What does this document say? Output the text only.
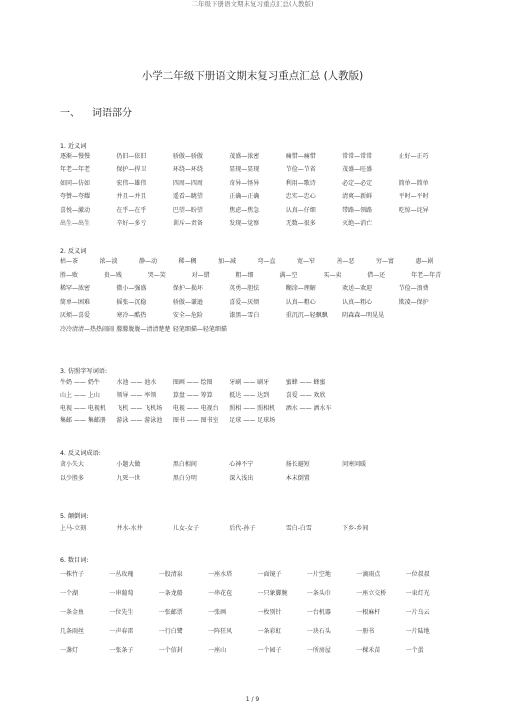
二年级下册语文期末复习重点汇总(人教版)
小学二年级下册语文期末复习重点汇总 (人教版)
一、 词语部分
1. 近义词
逐渐—慢慢	仍旧—依旧	骄傲—骄傲	茂盛—浓密	痛惜—痛惜	常常—常常	止好—正巧
年老—年老	保护—捍卫	环绕—环绕	显现—显现	节俭—节省	茂盛—旺盛
如同—仿如	宏伟—雄伟	四周—四周	奇异—怪异	利用—歌诗	必定—必定	简单—简单
夸赞—夸耀	并且—并且	遥看—眺望	正确—正确	忠实—忠心	清爽—新鲜	平时—平时
喜悦—激动	在乎—在乎	巴望—盼望	焦虑—焦急	认真—仔细	带路—领路	吃惊—诧异
出生—出生	辛好—多亏	训斥—责备	发现—觉察	无数—很多	灭绝—消亡
2. 反义词
枯—茶	浓—淡	静—动	稀—稠	加—减	弯—直	宽—窄	善—恶	穷—富	惠—剧
胜—败	贵—贱	哭—笑	对—错	粗—细	满—空	买—卖	借—还	年老—年青
稀罕—浓密	微小—强盛	保护—损坏	英勇—胆怯	糊涂—理解	欢送—欢迎	节俭—浪费
简单—困难	摇张—沉稳	骄傲—谦逊	喜爱—厌烦	认真—粗心	认真—粗心	欺凌—保护
厌烦—喜爱	寒冷—酷热	安全—危险	漆黑—雪白	重沉沉—轻飘飘 阴森森—明晃晃
冷冷清清—热热闹闹 朦朦胧胧—清清楚楚 轻笔细描—轻笔细描
3. 仿照字写词语:
牛奶 —— 奶牛	水池 —— 池水	图画 —— 绘图	牙刷 —— 刷牙	蜜蜂 —— 蜂蜜
山上 —— 上山	领导 —— 率领	算盘 —— 筹算	抵达 —— 达到	喜爱 —— 欢欣
电视 —— 电视机 飞机 —— 飞机场 电视 —— 电视台 照相 —— 照相机 洒水 —— 洒水车
集邮 —— 集邮册 游泳 —— 游泳池 图书 —— 图书室 足球 —— 足球场
4. 反义词成语:
贪小失大	小题大做	黑白相间	心神不宁	扬长避短	问寒问暖
以少胜多	九死一世	黑白分明	深入浅出	本末倒置
5. 颠倒词:
上马-立刻	井水-水井	儿女-女子	后代-孙子	雪白-白雪	下乡-乡间
6. 数目词:
一株竹子	一丛玫瑰	一股清泉	一座水塔	一面镜子	一片空地	一滴雨点	一位叔叔
一个湖	一串葡萄	一条龙船	一串花苞	一只象脚腕	一条头巾	一座立交桥	一束灯光
一条金鱼	一位先生	一张邮票	一张画	一枚别针	一台机器	一根麻杆	一片乌云
几条雨丝	一声春雷	一行白鹭	一阵狂风	一条彩虹	一块石头	一册书	一片陆地
一盏灯	一张条子	一个信封	一座山	一个园子	一所房屋	一棵禾苗	一个蛋
1 / 9
